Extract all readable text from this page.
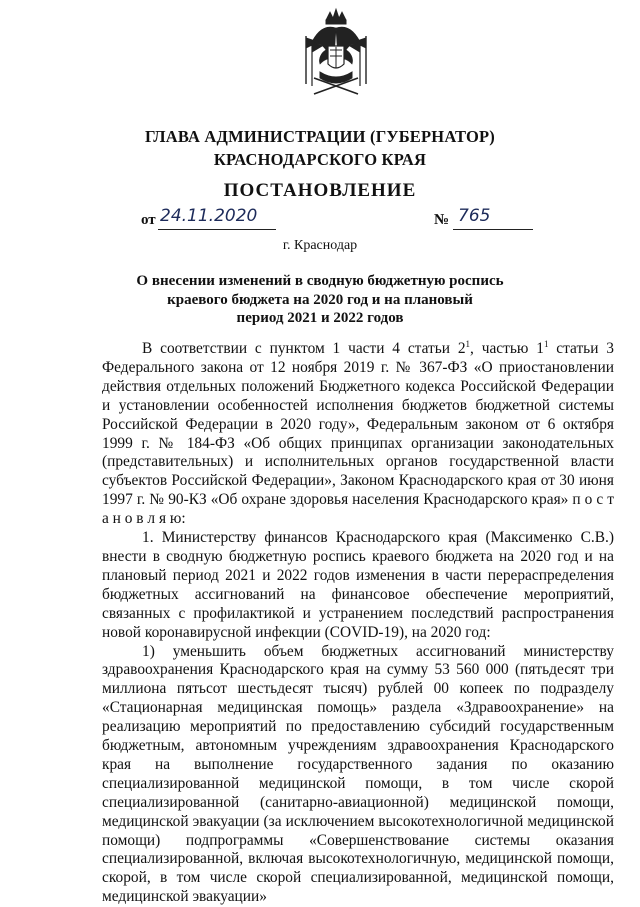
ГЛАВА АДМИНИСТРАЦИИ (ГУБЕРНАТОР)
КРАСНОДАРСКОГО КРАЯ
ПОСТАНОВЛЕНИЕ
от 24.11.2020	№ 765
г. Краснодар
О внесении изменений в сводную бюджетную роспись
краевого бюджета на 2020 год и на плановый
период 2021 и 2022 годов

В соответствии с пунктом 1 части 4 статьи $2^1$, частью $1^1$ статьи 3 Федерального закона от 12 ноября 2019 г. № 367-ФЗ «О приостановлении действия отдельных положений Бюджетного кодекса Российской Федерации и установлении особенностей исполнения бюджетов бюджетной системы Российской Федерации в 2020 году», Федеральным законом от 6 октября 1999 г. № 184-ФЗ «Об общих принципах организации законодательных (представительных) и исполнительных органов государственной власти субъектов Российской Федерации», Законом Краснодарского края от 30 июня 1997 г. № 90-КЗ «Об охране здоровья населения Краснодарского края» п о с т а н о в л я ю:

1. Министерству финансов Краснодарского края (Максименко С.В.) внести в сводную бюджетную роспись краевого бюджета на 2020 год и на плановый период 2021 и 2022 годов изменения в части перераспределения бюджетных ассигнований на финансовое обеспечение мероприятий, связанных с профилактикой и устранением последствий распространения новой коронавирусной инфекции (COVID-19), на 2020 год:

1) уменьшить объем бюджетных ассигнований министерству здравоохранения Краснодарского края на сумму 53 560 000 (пятьдесят три миллиона пятьсот шестьдесят тысяч) рублей 00 копеек по подразделу «Стационарная медицинская помощь» раздела «Здравоохранение» на реализацию мероприятий по предоставлению субсидий государственным бюджетным, автономным учреждениям здравоохранения Краснодарского края на выполнение государственного задания по оказанию специализированной медицинской помощи, в том числе скорой специализированной (санитарно-авиационной) медицинской помощи, медицинской эвакуации (за исключением высокотехнологичной медицинской помощи) подпрограммы «Совершенствование системы оказания специализированной, включая высокотехнологичную, медицинской помощи, скорой, в том числе скорой специализированной, медицинской помощи, медицинской эвакуации»
